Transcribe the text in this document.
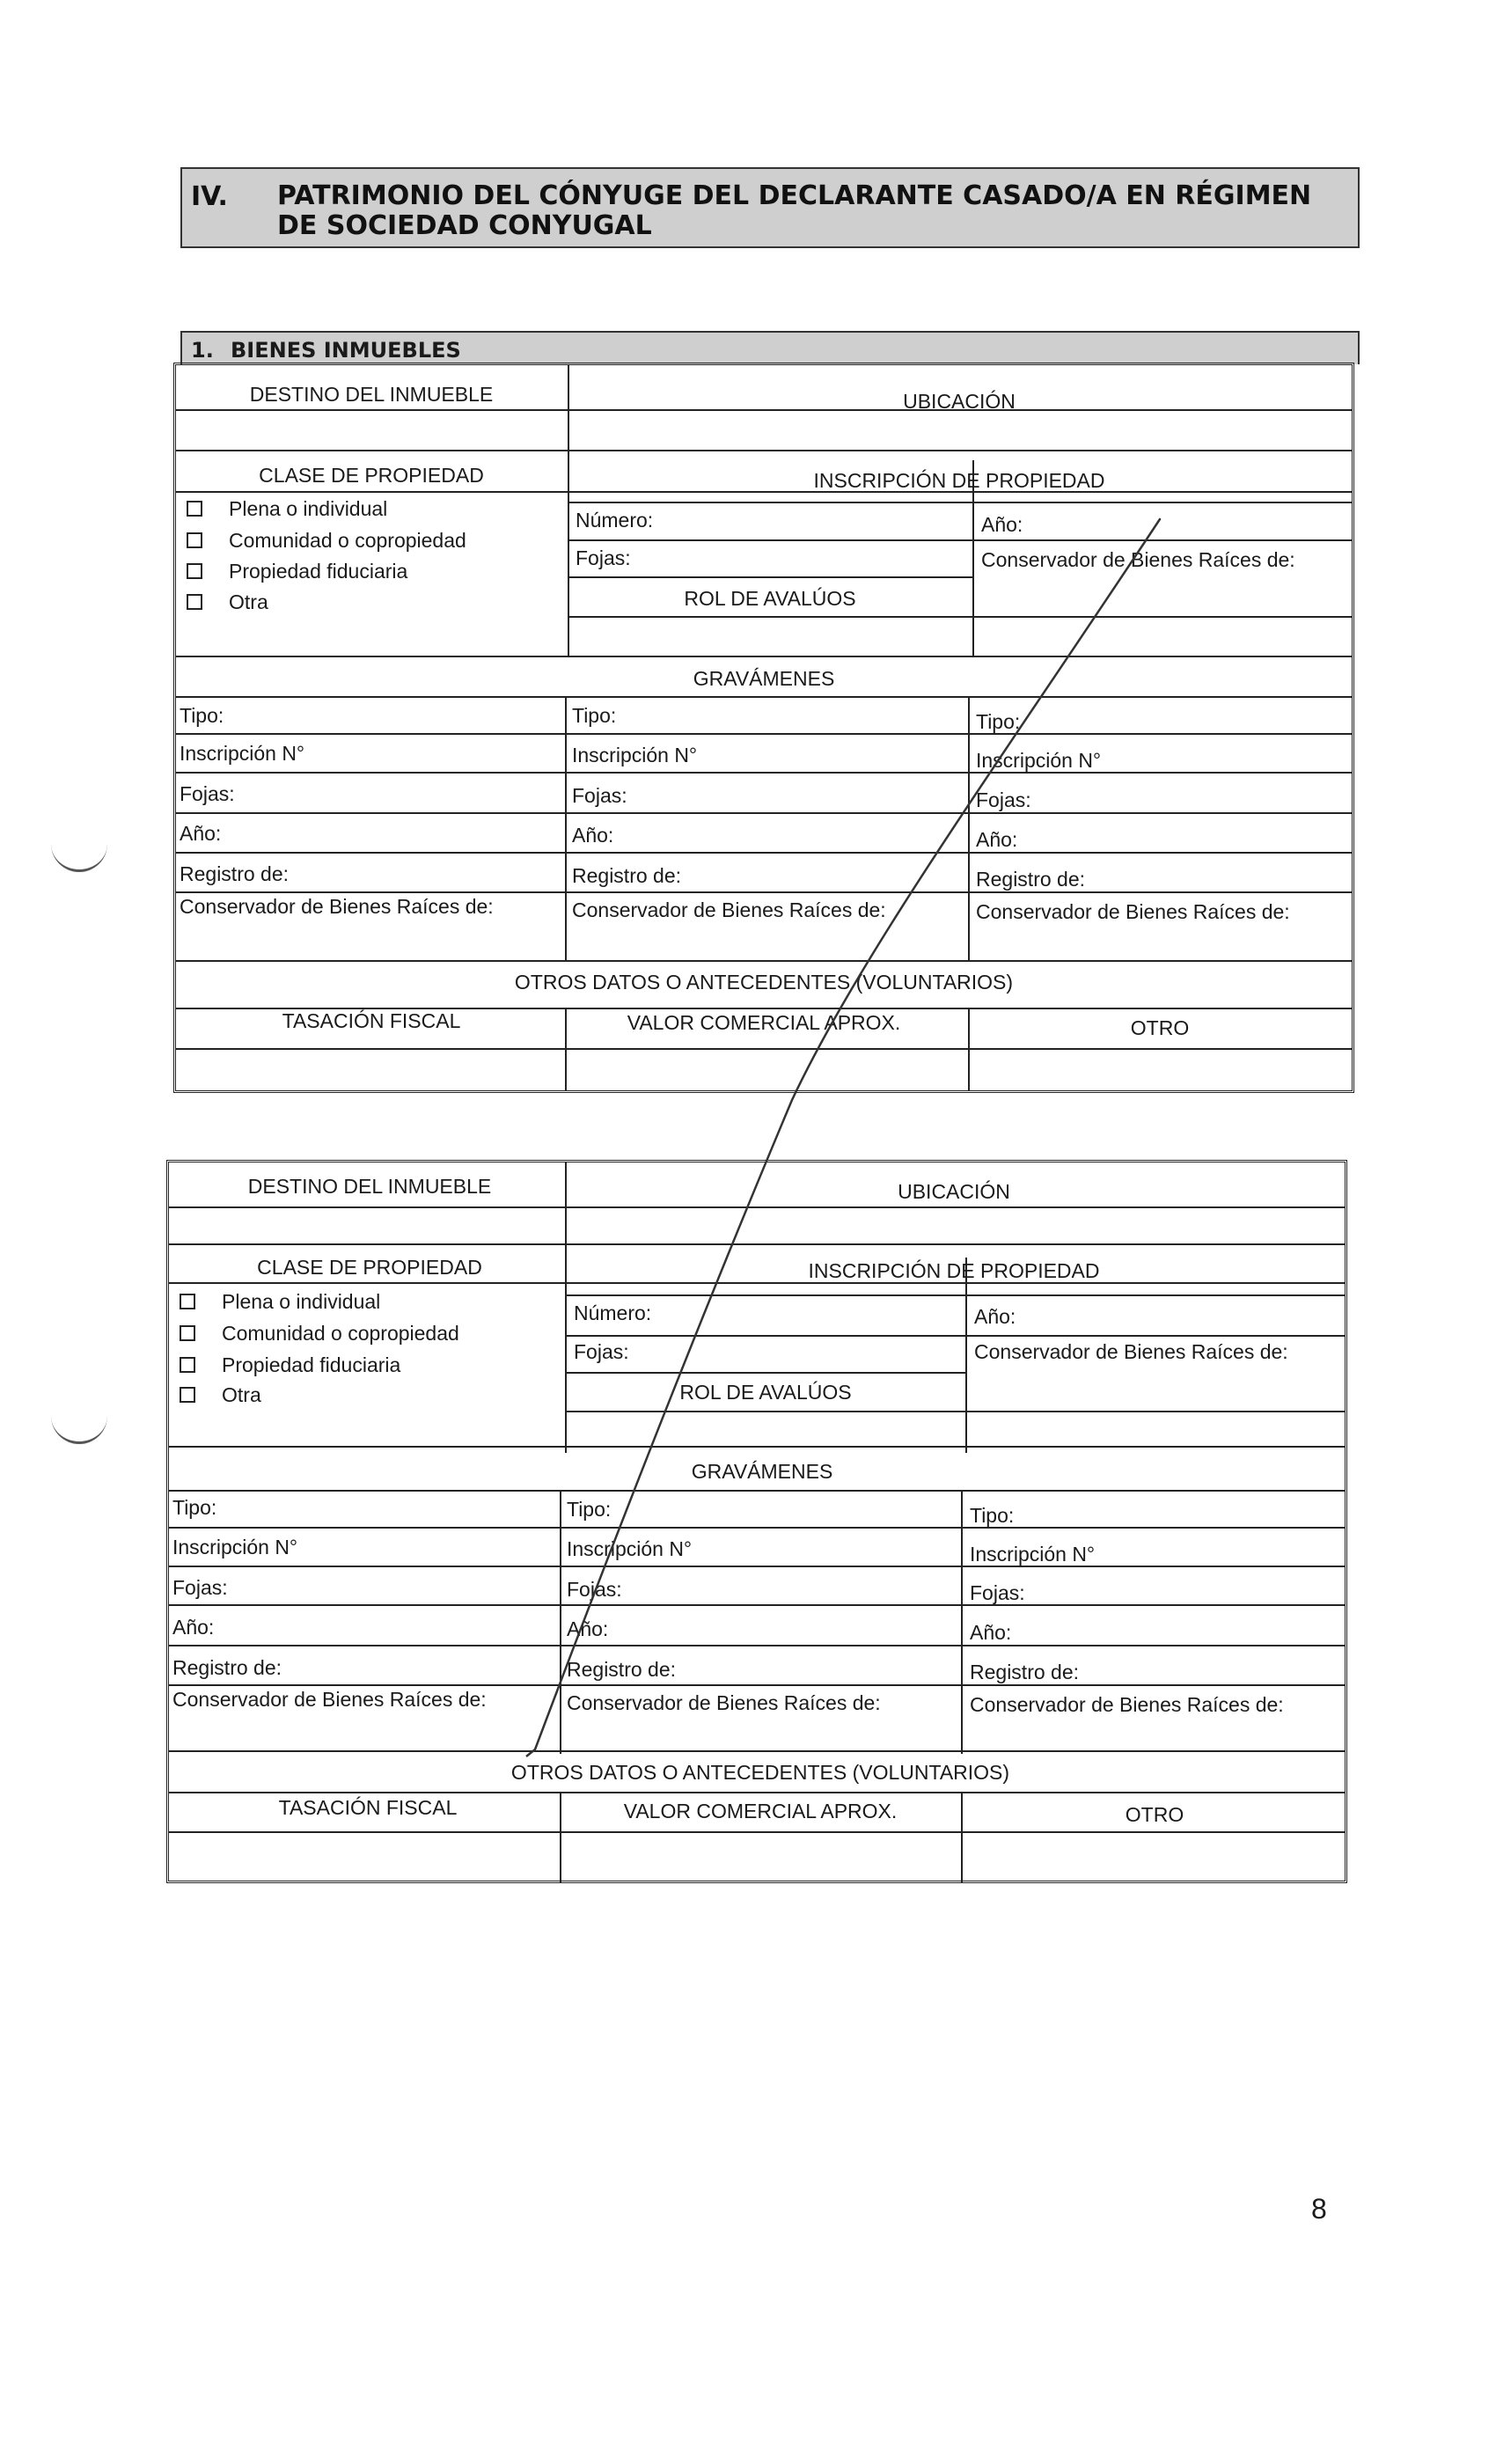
IV. PATRIMONIO DEL CÓNYUGE DEL DECLARANTE CASADO/A EN RÉGIMEN DE SOCIEDAD CONYUGAL
1. BIENES INMUEBLES
DESTINO DEL INMUEBLE	UBICACIÓN
CLASE DE PROPIEDAD	INSCRIPCIÓN DE PROPIEDAD
Plena o individual
Comunidad o copropiedad
Propiedad fiduciaria
Otra
Número:	Año:
Fojas:	Conservador de Bienes Raíces de:
ROL DE AVALÚOS
GRAVÁMENES
Tipo:	Tipo:	Tipo:
Inscripción N°	Inscripción N°	Inscripción N°
Fojas:	Fojas:	Fojas:
Año:	Año:	Año:
Registro de:	Registro de:	Registro de:
Conservador de Bienes Raíces de:	Conservador de Bienes Raíces de:	Conservador de Bienes Raíces de:
OTROS DATOS O ANTECEDENTES (VOLUNTARIOS)
TASACIÓN FISCAL	VALOR COMERCIAL APROX.	OTRO
DESTINO DEL INMUEBLE	UBICACIÓN
CLASE DE PROPIEDAD	INSCRIPCIÓN DE PROPIEDAD
Plena o individual
Comunidad o copropiedad
Propiedad fiduciaria
Otra
Número:	Año:
Fojas:	Conservador de Bienes Raíces de:
ROL DE AVALÚOS
GRAVÁMENES
Tipo:	Tipo:	Tipo:
Inscripción N°	Inscripción N°	Inscripción N°
Fojas:	Fojas:	Fojas:
Año:	Año:	Año:
Registro de:	Registro de:	Registro de:
Conservador de Bienes Raíces de:	Conservador de Bienes Raíces de:	Conservador de Bienes Raíces de:
OTROS DATOS O ANTECEDENTES (VOLUNTARIOS)
TASACIÓN FISCAL	VALOR COMERCIAL APROX.	OTRO
8
